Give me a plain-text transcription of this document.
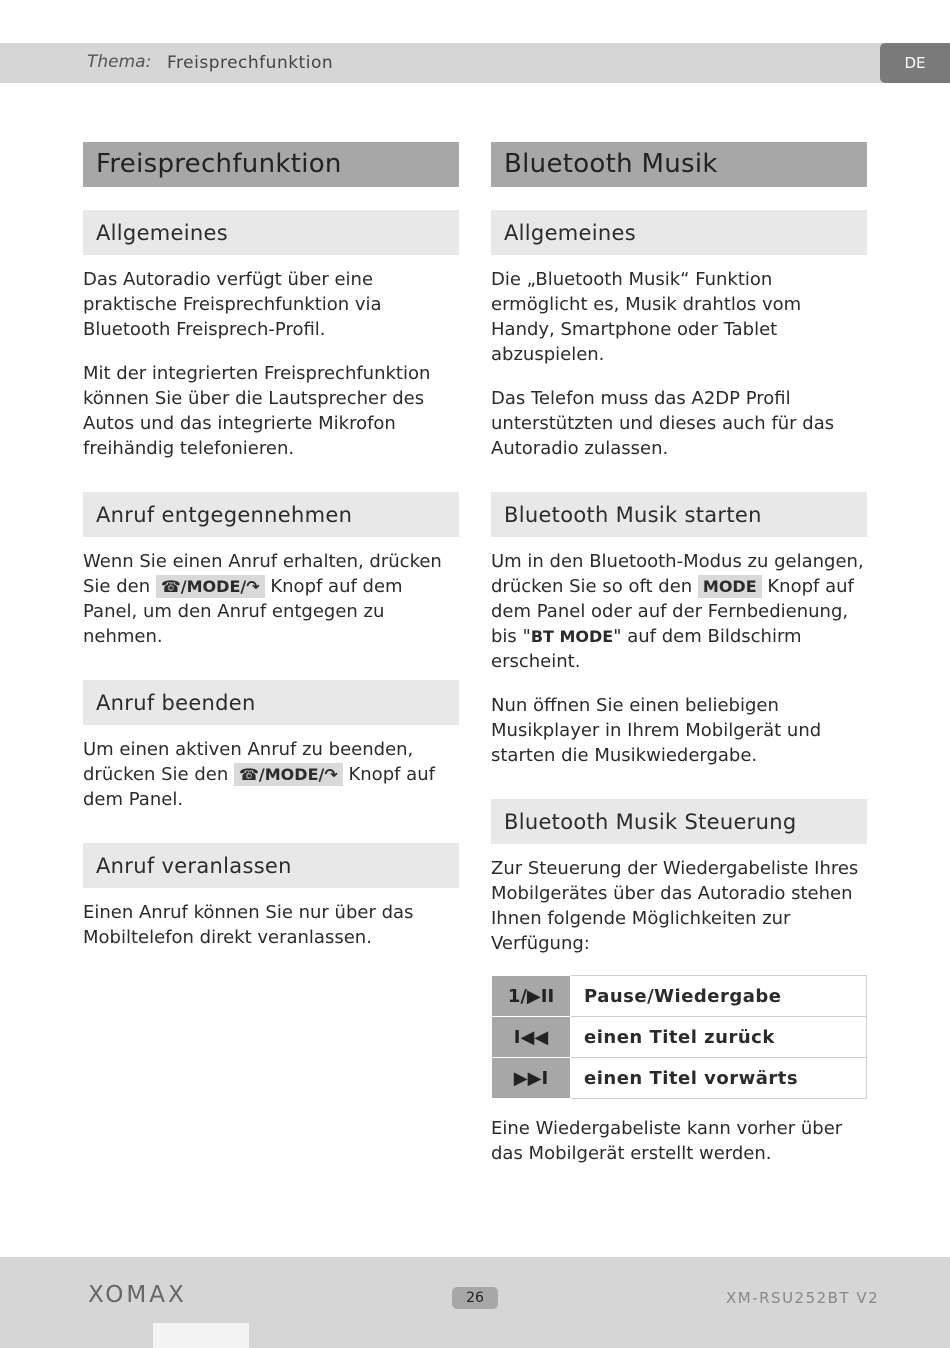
Thema: Freisprechfunktion	DE
Freisprechfunktion
Allgemeines

Das Autoradio verfügt über eine praktische Freisprechfunktion via Bluetooth Freisprech-Profil.

Mit der integrierten Freisprechfunktion können Sie über die Lautsprecher des Autos und das integrierte Mikrofon freihändig telefonieren.

Anruf entgegennehmen

Wenn Sie einen Anruf erhalten, drücken Sie den ☎/MODE/↷ Knopf auf dem Panel, um den Anruf entgegen zu nehmen.

Anruf beenden

Um einen aktiven Anruf zu beenden, drücken Sie den ☎/MODE/↷ Knopf auf dem Panel.

Anruf veranlassen

Einen Anruf können Sie nur über das Mobiltelefon direkt veranlassen.

Bluetooth Musik
Allgemeines

Die „Bluetooth Musik“ Funktion ermöglicht es, Musik drahtlos vom Handy, Smartphone oder Tablet abzuspielen.

Das Telefon muss das A2DP Profil unterstützten und dieses auch für das Autoradio zulassen.

Bluetooth Musik starten

Um in den Bluetooth-Modus zu gelangen, drücken Sie so oft den MODE Knopf auf dem Panel oder auf der Fernbedienung, bis "BT MODE" auf dem Bildschirm erscheint.

Nun öffnen Sie einen beliebigen Musikplayer in Ihrem Mobilgerät und starten die Musikwiedergabe.

Bluetooth Musik Steuerung

Zur Steuerung der Wiedergabeliste Ihres Mobilgerätes über das Autoradio stehen Ihnen folgende Möglichkeiten zur Verfügung:

1/▶II	Pause/Wiedergabe
I◀◀	einen Titel zurück
▶▶I	einen Titel vorwärts

Eine Wiedergabeliste kann vorher über das Mobilgerät erstellt werden.

XOMAX	26	XM-RSU252BT V2
